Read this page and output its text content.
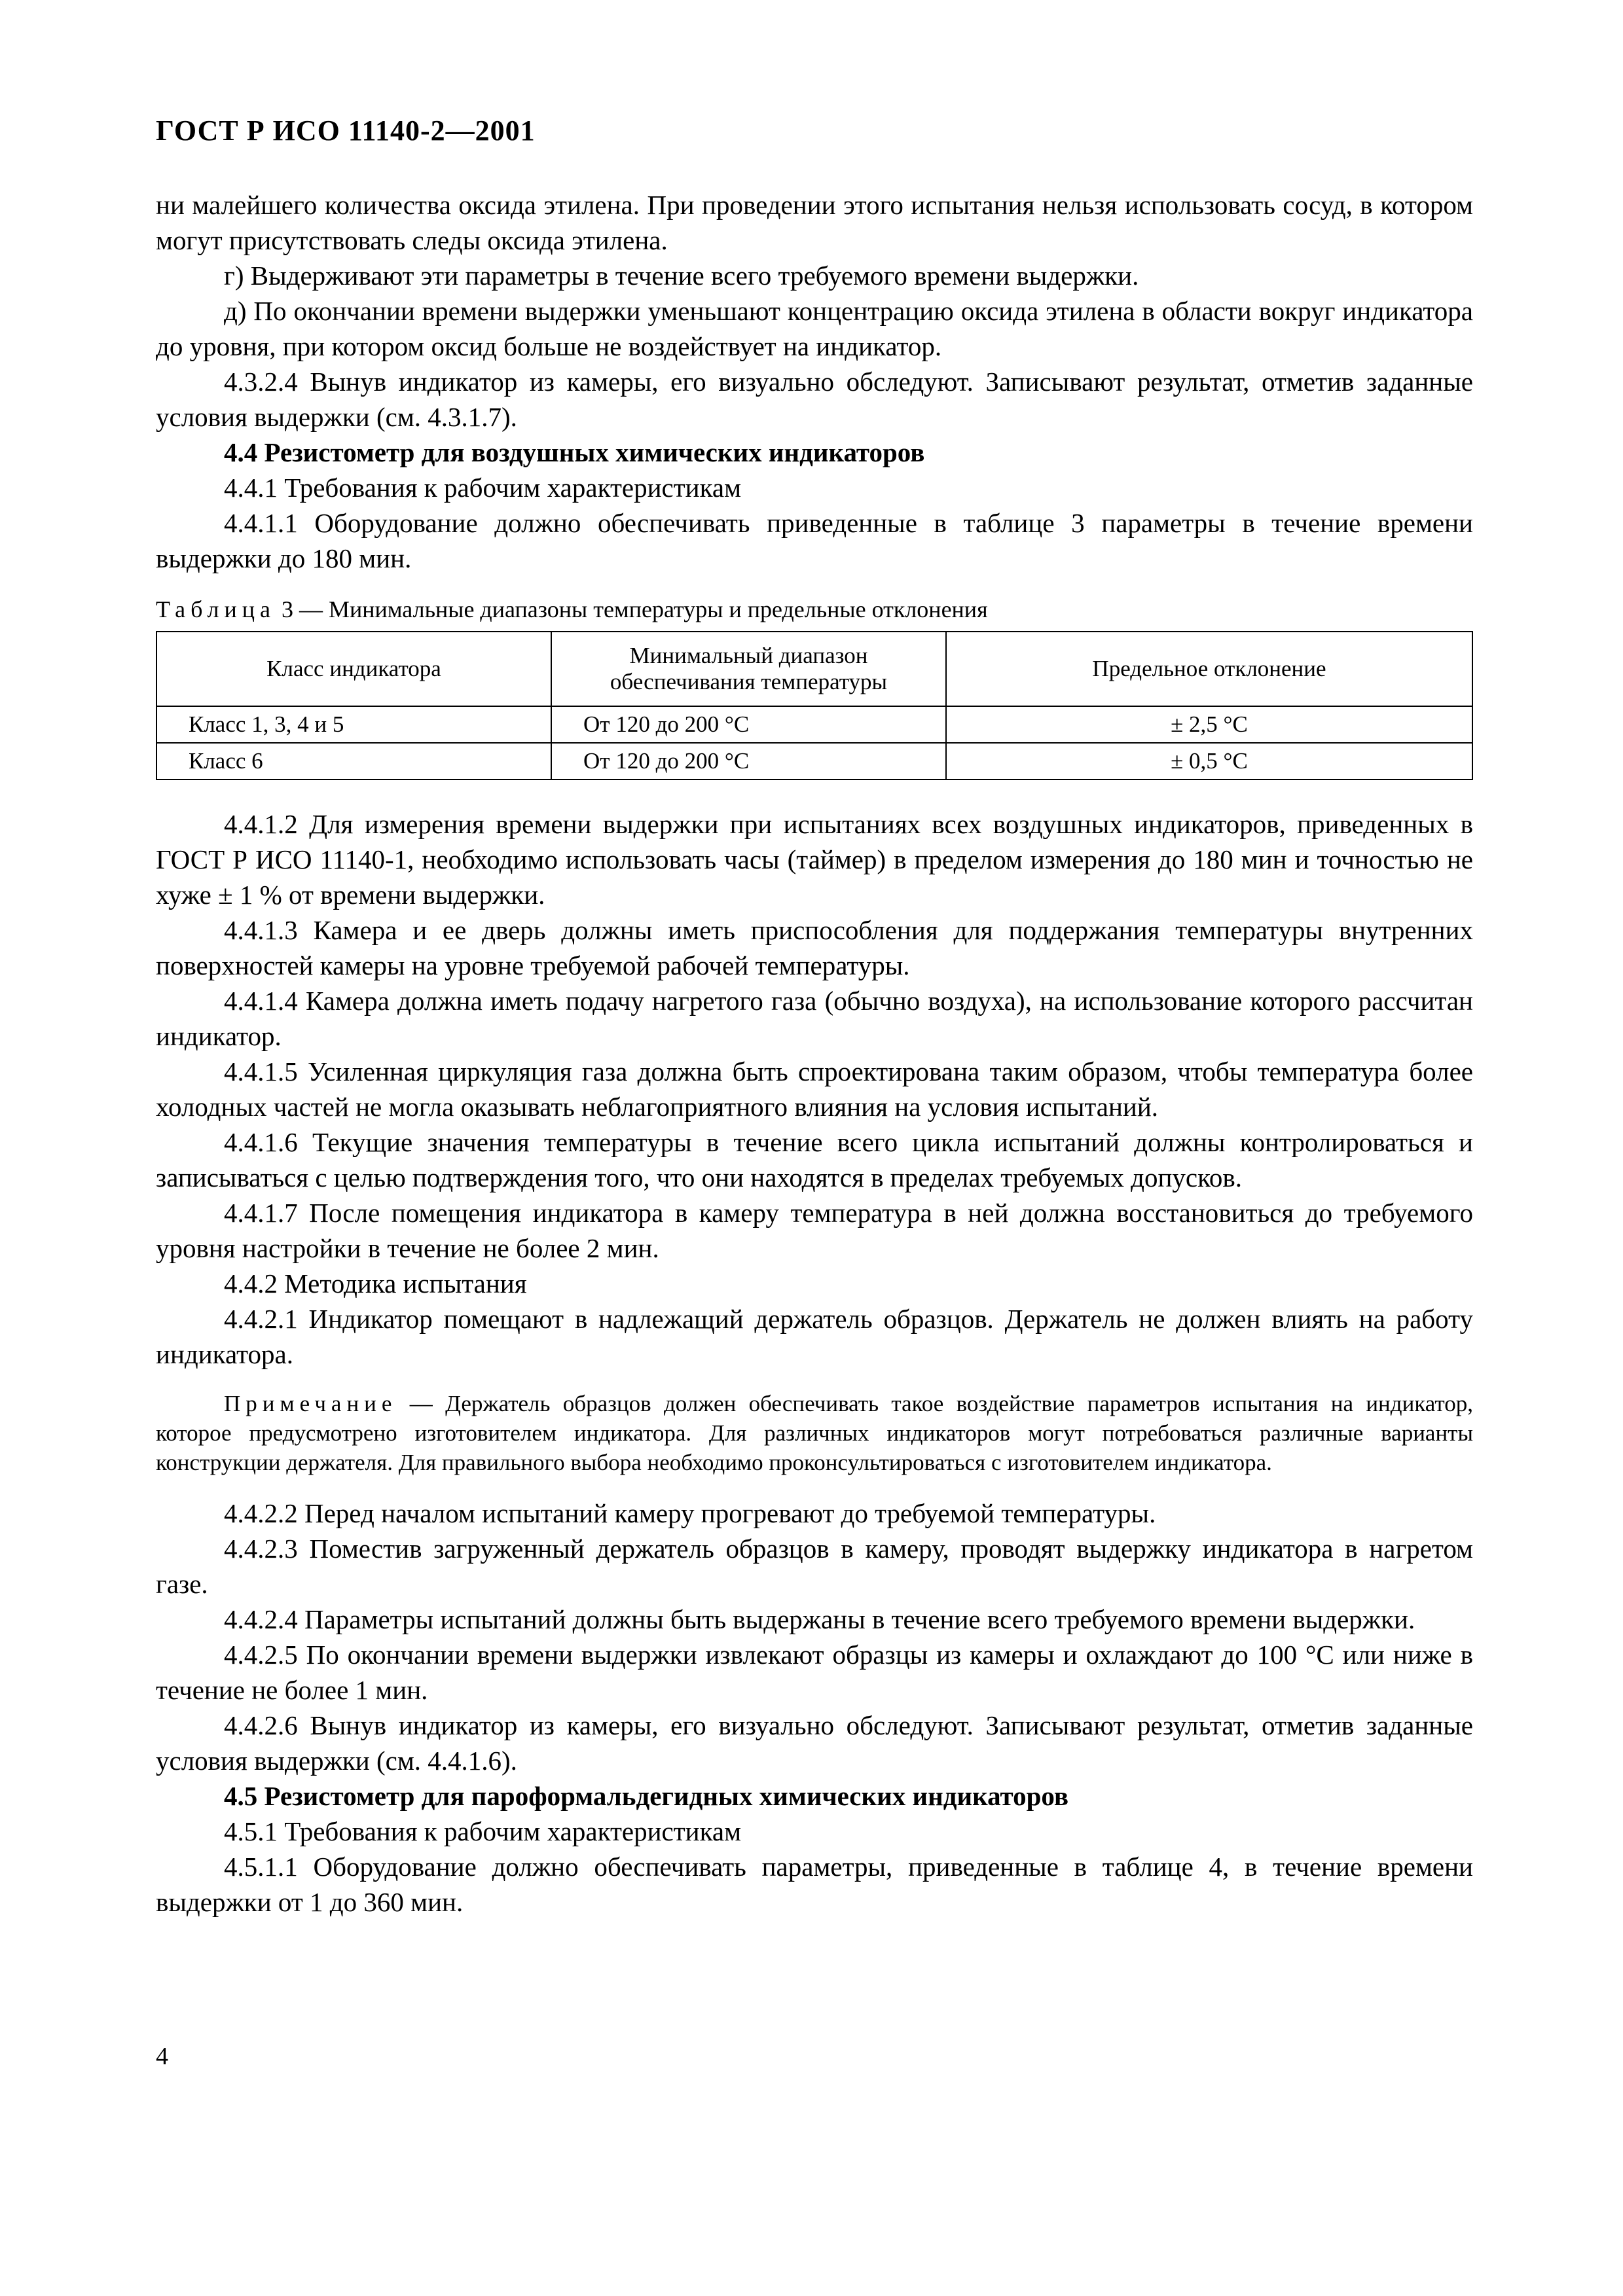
ГОСТ Р ИСО 11140-2—2001

ни малейшего количества оксида этилена. При проведении этого испытания нельзя использовать сосуд, в котором могут присутствовать следы оксида этилена.

г) Выдерживают эти параметры в течение всего требуемого времени выдержки.

д) По окончании времени выдержки уменьшают концентрацию оксида этилена в области вокруг индикатора до уровня, при котором оксид больше не воздействует на индикатор.

4.3.2.4 Вынув индикатор из камеры, его визуально обследуют. Записывают результат, отметив заданные условия выдержки (см. 4.3.1.7).

4.4 Резистометр для воздушных химических индикаторов

4.4.1 Требования к рабочим характеристикам

4.4.1.1 Оборудование должно обеспечивать приведенные в таблице 3 параметры в течение времени выдержки до 180 мин.

Таблица 3 — Минимальные диапазоны температуры и предельные отклонения

Класс индикатора	Минимальный диапазон обеспечивания температуры	Предельное отклонение
Класс 1, 3, 4 и 5	От 120 до 200 °С	± 2,5 °С
Класс 6	От 120 до 200 °С	± 0,5 °С

4.4.1.2 Для измерения времени выдержки при испытаниях всех воздушных индикаторов, приведенных в ГОСТ Р ИСО 11140-1, необходимо использовать часы (таймер) в пределом измерения до 180 мин и точностью не хуже ± 1 % от времени выдержки.

4.4.1.3 Камера и ее дверь должны иметь приспособления для поддержания температуры внутренних поверхностей камеры на уровне требуемой рабочей температуры.

4.4.1.4 Камера должна иметь подачу нагретого газа (обычно воздуха), на использование которого рассчитан индикатор.

4.4.1.5 Усиленная циркуляция газа должна быть спроектирована таким образом, чтобы температура более холодных частей не могла оказывать неблагоприятного влияния на условия испытаний.

4.4.1.6 Текущие значения температуры в течение всего цикла испытаний должны контролироваться и записываться с целью подтверждения того, что они находятся в пределах требуемых допусков.

4.4.1.7 После помещения индикатора в камеру температура в ней должна восстановиться до требуемого уровня настройки в течение не более 2 мин.

4.4.2 Методика испытания

4.4.2.1 Индикатор помещают в надлежащий держатель образцов. Держатель не должен влиять на работу индикатора.

Примечание — Держатель образцов должен обеспечивать такое воздействие параметров испытания на индикатор, которое предусмотрено изготовителем индикатора. Для различных индикаторов могут потребоваться различные варианты конструкции держателя. Для правильного выбора необходимо проконсультироваться с изготовителем индикатора.

4.4.2.2 Перед началом испытаний камеру прогревают до требуемой температуры.

4.4.2.3 Поместив загруженный держатель образцов в камеру, проводят выдержку индикатора в нагретом газе.

4.4.2.4 Параметры испытаний должны быть выдержаны в течение всего требуемого времени выдержки.

4.4.2.5 По окончании времени выдержки извлекают образцы из камеры и охлаждают до 100 °С или ниже в течение не более 1 мин.

4.4.2.6 Вынув индикатор из камеры, его визуально обследуют. Записывают результат, отметив заданные условия выдержки (см. 4.4.1.6).

4.5 Резистометр для пароформальдегидных химических индикаторов

4.5.1 Требования к рабочим характеристикам

4.5.1.1 Оборудование должно обеспечивать параметры, приведенные в таблице 4, в течение времени выдержки от 1 до 360 мин.

4
